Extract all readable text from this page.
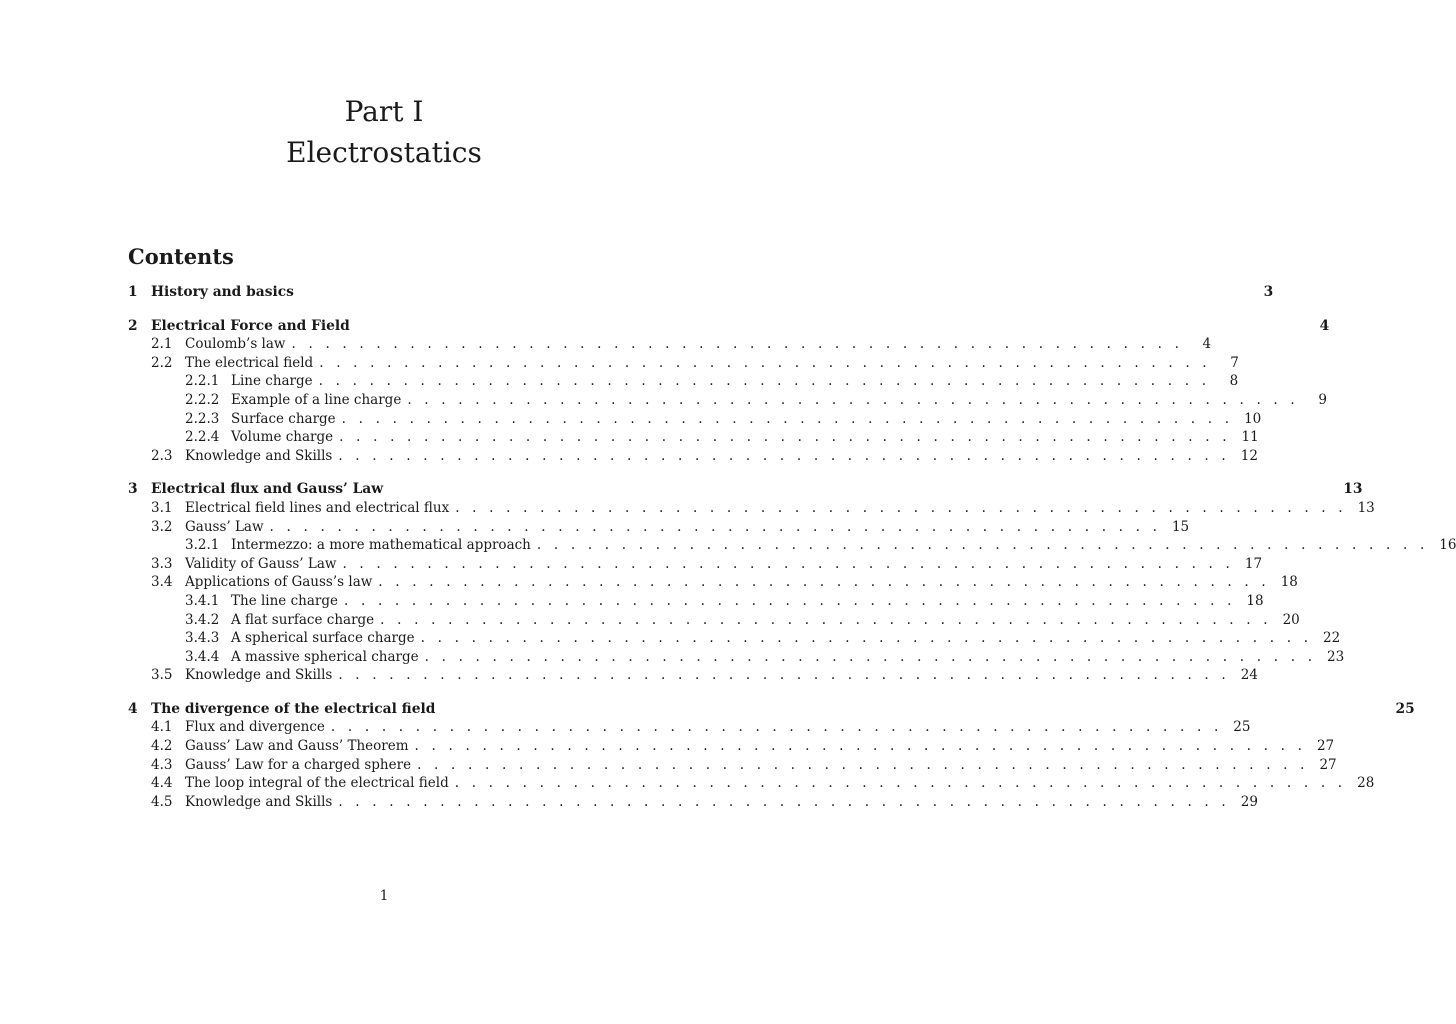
Part I
Electrostatics
Contents
1 History and basics	3
2 Electrical Force and Field	4
2.1 Coulomb’s law . . . . . . . . . . . . . . . . . . . . . . . . . . . . . . . . . . . . . . . . . . . . . . . . . . . . .	4
2.2 The electrical field . . . . . . . . . . . . . . . . . . . . . . . . . . . . . . . . . . . . . . . . . . . . . . . . . . . . .	7
2.2.1 Line charge . . . . . . . . . . . . . . . . . . . . . . . . . . . . . . . . . . . . . . . . . . . . . . . . . . . . .	8
2.2.2 Example of a line charge . . . . . . . . . . . . . . . . . . . . . . . . . . . . . . . . . . . . . . . . . . . . . . . . . . . . .	9
2.2.3 Surface charge . . . . . . . . . . . . . . . . . . . . . . . . . . . . . . . . . . . . . . . . . . . . . . . . . . . . . 10
2.2.4 Volume charge . . . . . . . . . . . . . . . . . . . . . . . . . . . . . . . . . . . . . . . . . . . . . . . . . . . . . 11
2.3 Knowledge and Skills . . . . . . . . . . . . . . . . . . . . . . . . . . . . . . . . . . . . . . . . . . . . . . . . . . . . . 12
3 Electrical flux and Gauss’ Law	13
3.1 Electrical field lines and electrical flux . . . . . . . . . . . . . . . . . . . . . . . . . . . . . . . . . . . . . . . . . . . . . . . . . . . . . 13
3.2 Gauss’ Law . . . . . . . . . . . . . . . . . . . . . . . . . . . . . . . . . . . . . . . . . . . . . . . . . . . . . 15
3.2.1 Intermezzo: a more mathematical approach . . . . . . . . . . . . . . . . . . . . . . . . . . . . . . . . . . . . . . . . . . . . . . . . . . . . . 16
3.3 Validity of Gauss’ Law . . . . . . . . . . . . . . . . . . . . . . . . . . . . . . . . . . . . . . . . . . . . . . . . . . . . . 17
3.4 Applications of Gauss’s law . . . . . . . . . . . . . . . . . . . . . . . . . . . . . . . . . . . . . . . . . . . . . . . . . . . . . 18
3.4.1 The line charge . . . . . . . . . . . . . . . . . . . . . . . . . . . . . . . . . . . . . . . . . . . . . . . . . . . . . 18
3.4.2 A flat surface charge . . . . . . . . . . . . . . . . . . . . . . . . . . . . . . . . . . . . . . . . . . . . . . . . . . . . . 20
3.4.3 A spherical surface charge . . . . . . . . . . . . . . . . . . . . . . . . . . . . . . . . . . . . . . . . . . . . . . . . . . . . . 22
3.4.4 A massive spherical charge . . . . . . . . . . . . . . . . . . . . . . . . . . . . . . . . . . . . . . . . . . . . . . . . . . . . . 23
3.5 Knowledge and Skills . . . . . . . . . . . . . . . . . . . . . . . . . . . . . . . . . . . . . . . . . . . . . . . . . . . . . 24
4 The divergence of the electrical field	25
4.1 Flux and divergence . . . . . . . . . . . . . . . . . . . . . . . . . . . . . . . . . . . . . . . . . . . . . . . . . . . . . 25
4.2 Gauss’ Law and Gauss’ Theorem . . . . . . . . . . . . . . . . . . . . . . . . . . . . . . . . . . . . . . . . . . . . . . . . . . . . . 27
4.3 Gauss’ Law for a charged sphere . . . . . . . . . . . . . . . . . . . . . . . . . . . . . . . . . . . . . . . . . . . . . . . . . . . . . 27
4.4 The loop integral of the electrical field . . . . . . . . . . . . . . . . . . . . . . . . . . . . . . . . . . . . . . . . . . . . . . . . . . . . . 28
4.5 Knowledge and Skills . . . . . . . . . . . . . . . . . . . . . . . . . . . . . . . . . . . . . . . . . . . . . . . . . . . . . 29
1
